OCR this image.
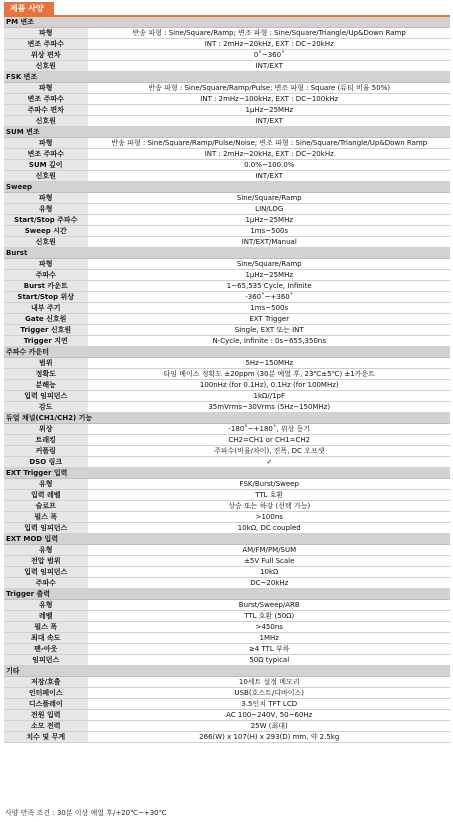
제품 사양
PM 변조	
파형	반송 파형 : Sine/Square/Ramp; 변조 파형 : Sine/Square/Triangle/Up&Down Ramp
변조 주파수	INT : 2mHz~20kHz, EXT : DC~20kHz
위상 편차	0˚~360˚
신호원	INT/EXT
FSK 변조	
파형	반송 파형 : Sine/Square/Ramp/Pulse; 변조 파형 : Square (듀티 비율 50%)
변조 주파수	INT : 2mHz~100kHz, EXT : DC~100kHz
주파수 편차	1μHz~25MHz
신호원	INT/EXT
SUM 변조	
파형	반송 파형 : Sine/Square/Ramp/Pulse/Noise; 변조 파형 : Sine/Square/Triangle/Up&Down Ramp
변조 주파수	INT : 2mHz~20kHz, EXT : DC~20kHz
SUM 깊이	0.0%~100.0%
신호원	INT/EXT
Sweep	
파형	Sine/Square/Ramp
유형	LIN/LOG
Start/Stop 주파수	1μHz~25MHz
Sweep 시간	1ms~500s
신호원	INT/EXT/Manual
Burst	
파형	Sine/Square/Ramp
주파수	1μHz~25MHz
Burst 카운트	1~65,535 Cycle, Infinite
Start/Stop 위상	-360˚~+360˚
내부 주기	1ms~500s
Gate 신호원	EXT Trigger
Trigger 신호원	Single, EXT 또는 INT
Trigger 지연	N-Cycle, Infinite : 0s~655,350ns
주파수 카운터	
범위	5Hz~150MHz
정확도	타임 베이스 정확도 ±20ppm (30분 예열 후, 23℃±5℃) ±1카운트
분해능	100nHz (for 0.1Hz), 0.1Hz (for 100MHz)
입력 임피던스	1kΩ//1pF
감도	35mVrms~30Vrms (5Hz~150MHz)
듀얼 채널(CH1/CH2) 기능	
위상	-180˚~+180˚, 위상 동기
트래킹	CH2=CH1 or CH1=CH2
커플링	주파수(비율/차이), 진폭, DC 오프셋
DSO 링크	✓
EXT Trigger 입력	
유형	FSK/Burst/Sweep
입력 레벨	TTL 호환
슬로프	상승 또는 하강 (선택 가능)
펄스 폭	>100ns
입력 임피던스	10kΩ, DC coupled
EXT MOD 입력	
유형	AM/FM/PM/SUM
전압 범위	±5V Full Scale
입력 임피던스	10kΩ
주파수	DC~20kHz
Trigger 출력	
유형	Burst/Sweep/ARB
레벨	TTL 호환 (50Ω)
펄스 폭	>450ns
최대 속도	1MHz
팬-아웃	≥4 TTL 부하
임피던스	50Ω typical
기타	
저장/호출	10세트 설정 메모리
인터페이스	USB(호스트/디바이스)
디스플레이	3.5인치 TFT LCD
전원 입력	AC 100~240V, 50~60Hz
소모 전력	25W (최대)
치수 및 무게	266(W) x 107(H) x 293(D) mm, 약 2.5kg
사양 만족 조건 : 30분 이상 예열 후/+20℃~+30℃
